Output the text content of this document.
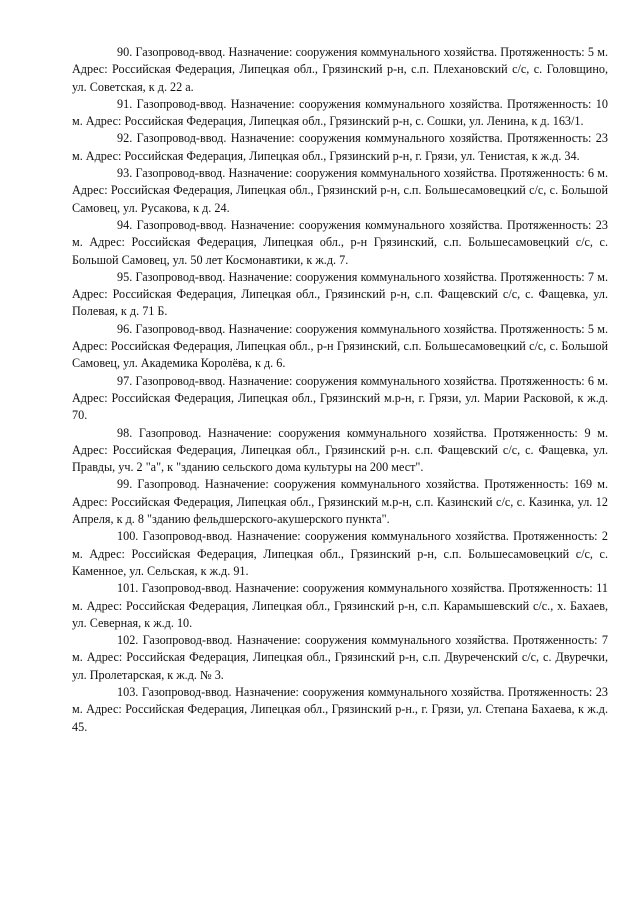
90. Газопровод-ввод. Назначение: сооружения коммунального хозяйства. Протяженность: 5 м. Адрес: Российская Федерация, Липецкая обл., Грязинский р-н, с.п. Плехановский с/с, с. Головщино, ул. Советская, к д. 22 а.

91. Газопровод-ввод. Назначение: сооружения коммунального хозяйства. Протяженность: 10 м. Адрес: Российская Федерация, Липецкая обл., Грязинский р-н, с. Сошки, ул. Ленина, к д. 163/1.

92. Газопровод-ввод. Назначение: сооружения коммунального хозяйства. Протяженность: 23 м. Адрес: Российская Федерация, Липецкая обл., Грязинский р-н, г. Грязи, ул. Тенистая, к ж.д. 34.

93. Газопровод-ввод. Назначение: сооружения коммунального хозяйства. Протяженность: 6 м. Адрес: Российская Федерация, Липецкая обл., Грязинский р-н, с.п. Большесамовецкий с/с, с. Большой Самовец, ул. Русакова, к д. 24.

94. Газопровод-ввод. Назначение: сооружения коммунального хозяйства. Протяженность: 23 м. Адрес: Российская Федерация, Липецкая обл., р-н Грязинский, с.п. Большесамовецкий с/с, с. Большой Самовец, ул. 50 лет Космонавтики, к ж.д. 7.

95. Газопровод-ввод. Назначение: сооружения коммунального хозяйства. Протяженность: 7 м. Адрес: Российская Федерация, Липецкая обл., Грязинский р-н, с.п. Фащевский с/с, с. Фащевка, ул. Полевая, к д. 71 Б.

96. Газопровод-ввод. Назначение: сооружения коммунального хозяйства. Протяженность: 5 м. Адрес: Российская Федерация, Липецкая обл., р-н Грязинский, с.п. Большесамовецкий с/с, с. Большой Самовец, ул. Академика Королёва, к д. 6.

97. Газопровод-ввод. Назначение: сооружения коммунального хозяйства. Протяженность: 6 м. Адрес: Российская Федерация, Липецкая обл., Грязинский м.р-н, г. Грязи, ул. Марии Расковой, к ж.д. 70.

98. Газопровод. Назначение: сооружения коммунального хозяйства. Протяженность: 9 м. Адрес: Российская Федерация, Липецкая обл., Грязинский р-н. с.п. Фащевский с/с, с. Фащевка, ул. Правды, уч. 2 "а", к "зданию сельского дома культуры на 200 мест".

99. Газопровод. Назначение: сооружения коммунального хозяйства. Протяженность: 169 м. Адрес: Российская Федерация, Липецкая обл., Грязинский м.р-н, с.п. Казинский с/с, с. Казинка, ул. 12 Апреля, к д. 8 "зданию фельдшерского-акушерского пункта".

100. Газопровод-ввод. Назначение: сооружения коммунального хозяйства. Протяженность: 2 м. Адрес: Российская Федерация, Липецкая обл., Грязинский р-н, с.п. Большесамовецкий с/с, с. Каменное, ул. Сельская, к ж.д. 91.

101. Газопровод-ввод. Назначение: сооружения коммунального хозяйства. Протяженность: 11 м. Адрес: Российская Федерация, Липецкая обл., Грязинский р-н, с.п. Карамышевский с/с., х. Бахаев, ул. Северная, к ж.д. 10.

102. Газопровод-ввод. Назначение: сооружения коммунального хозяйства. Протяженность: 7 м. Адрес: Российская Федерация, Липецкая обл., Грязинский р-н, с.п. Двуреченский с/с, с. Двуречки, ул. Пролетарская, к ж.д. № 3.

103. Газопровод-ввод. Назначение: сооружения коммунального хозяйства. Протяженность: 23 м. Адрес: Российская Федерация, Липецкая обл., Грязинский р-н., г. Грязи, ул. Степана Бахаева, к ж.д. 45.
